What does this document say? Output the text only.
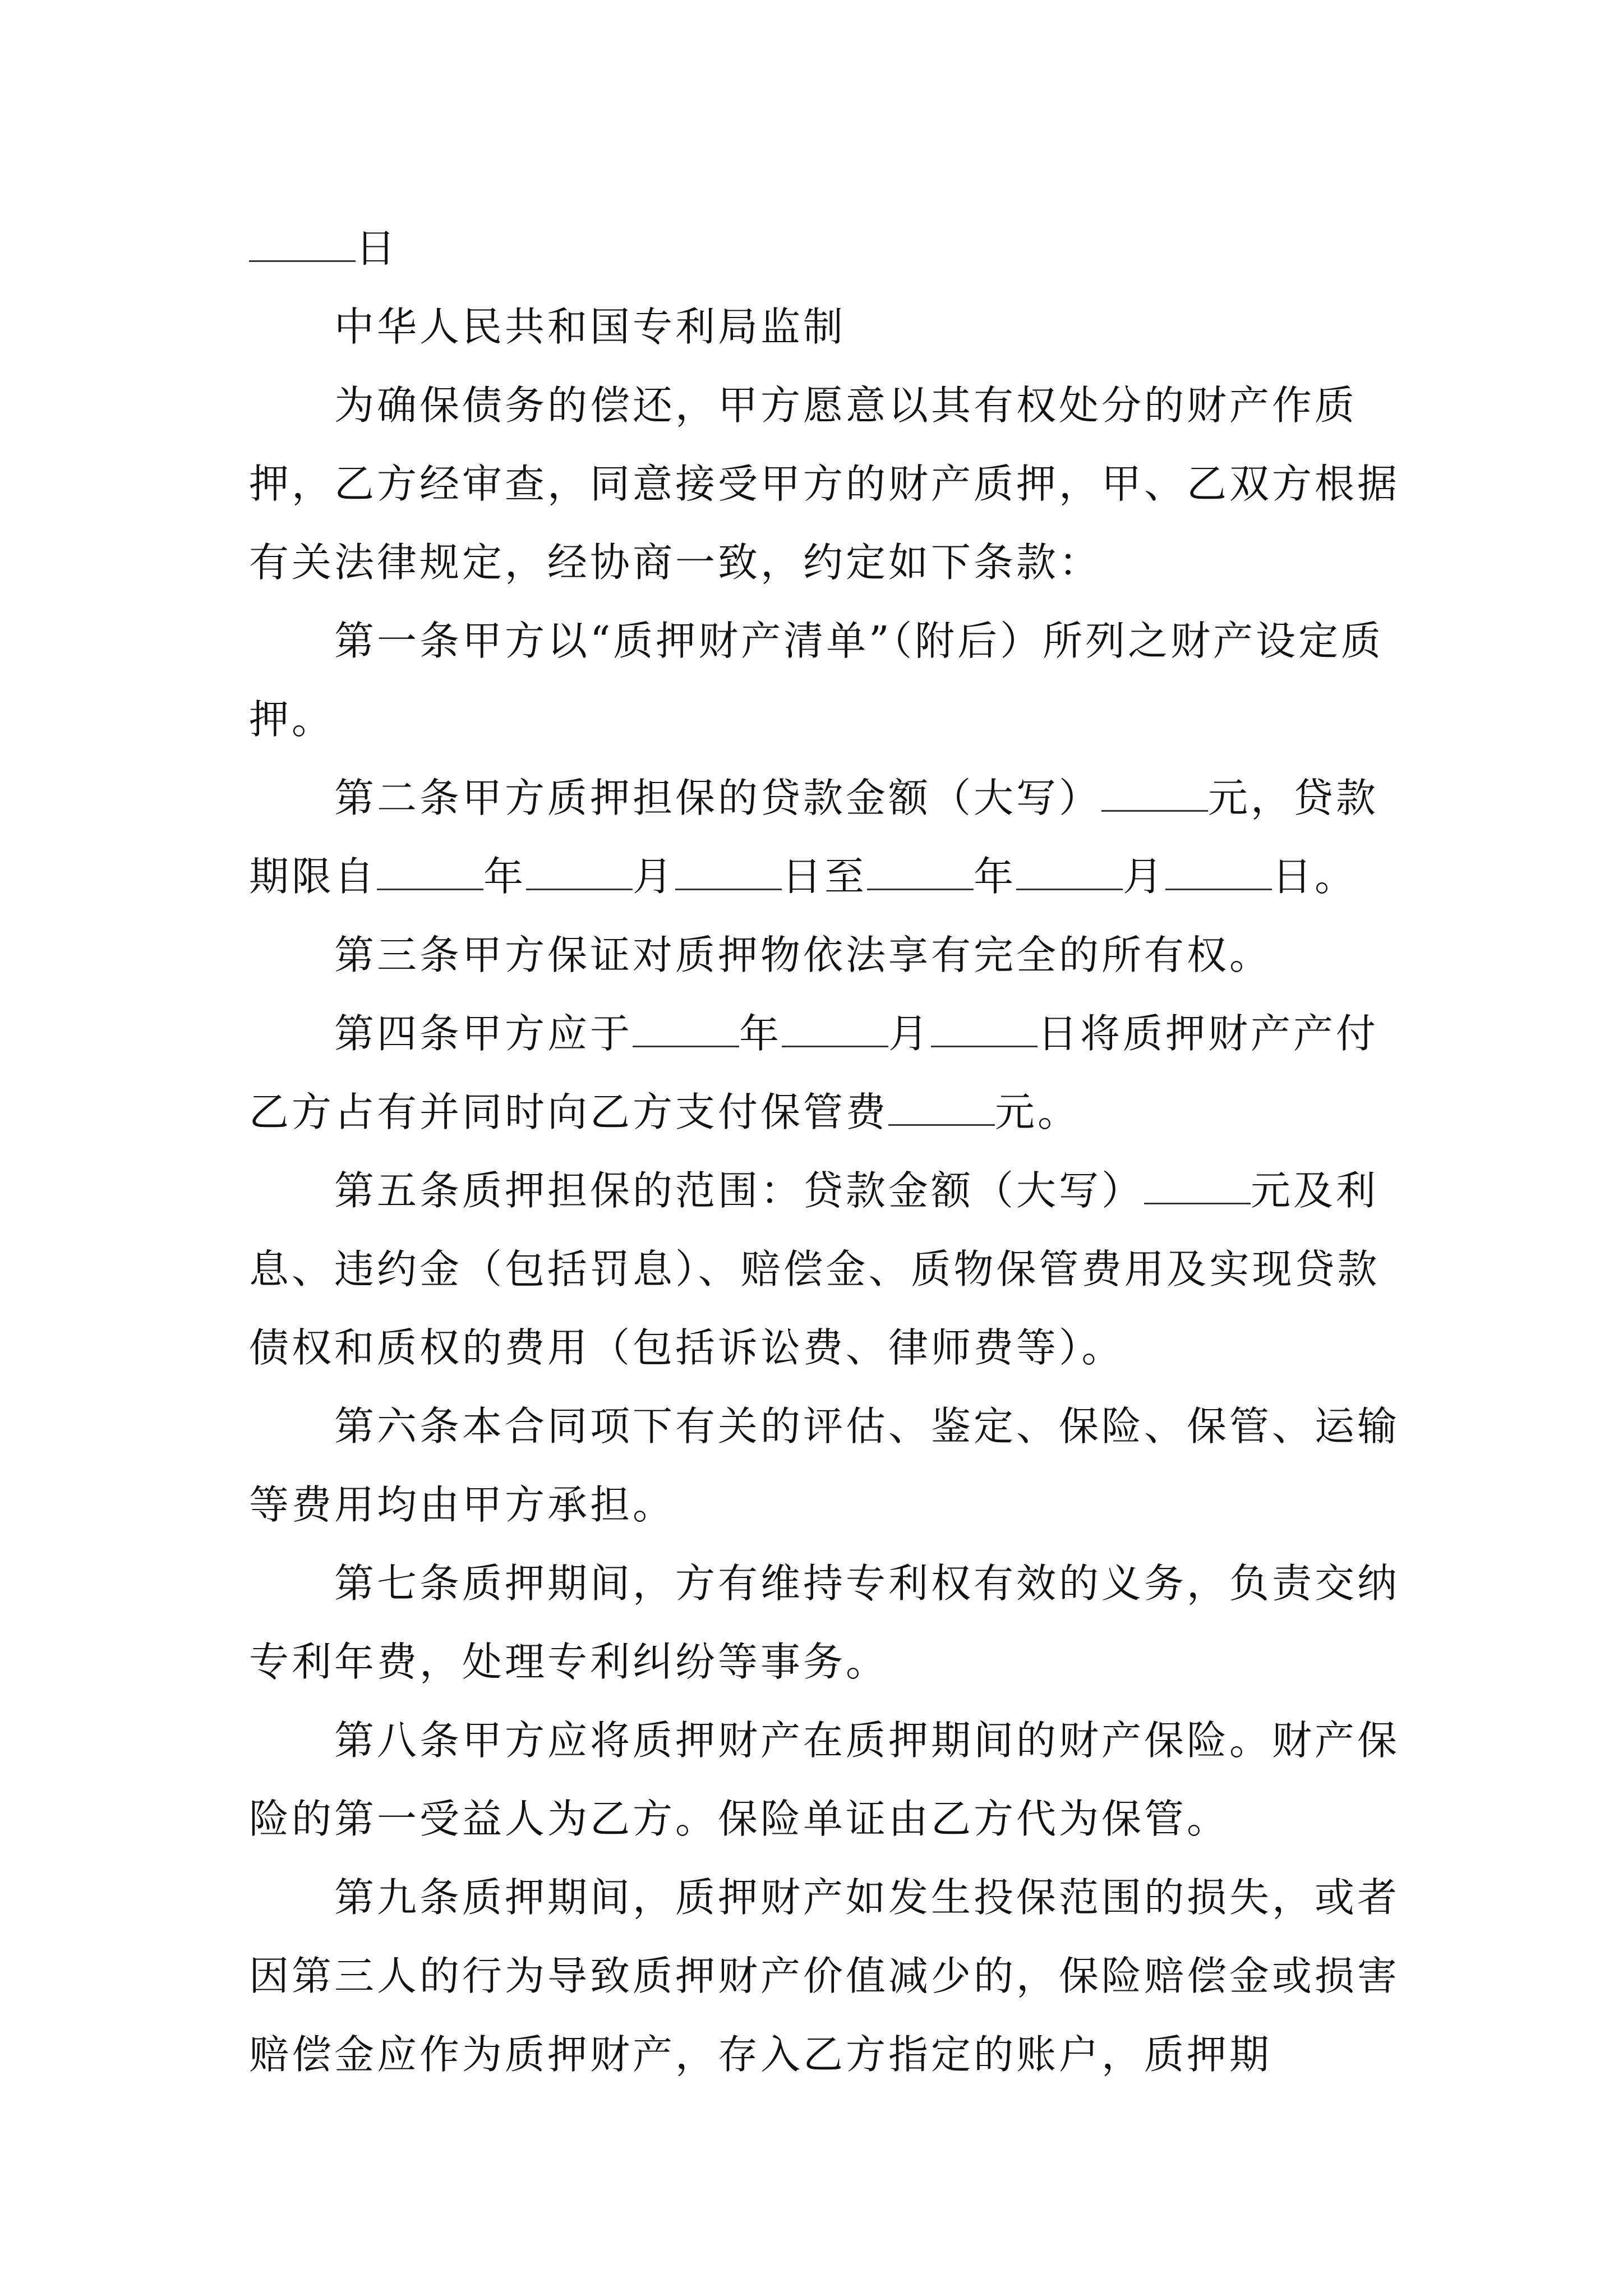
日

中华人民共和国专利局监制

为确保债务的偿还，甲方愿意以其有权处分的财产作质押，乙方经审查，同意接受甲方的财产质押，甲、乙双方根据有关法律规定，经协商一致，约定如下条款：

第一条甲方以“质押财产清单”（附后）所列之财产设定质押。

第二条甲方质押担保的贷款金额（大写）	元，贷款期限自	年	月	日至	年	月	日。

第三条甲方保证对质押物依法享有完全的所有权。

第四条甲方应于	年	月	日将质押财产产付乙方占有并同时向乙方支付保管费	元。

第五条质押担保的范围：贷款金额（大写）	元及利息、违约金（包括罚息）、赔偿金、质物保管费用及实现贷款债权和质权的费用（包括诉讼费、律师费等）。

第六条本合同项下有关的评估、鉴定、保险、保管、运输等费用均由甲方承担。

第七条质押期间，方有维持专利权有效的义务，负责交纳专利年费，处理专利纠纷等事务。

第八条甲方应将质押财产在质押期间的财产保险。财产保险的第一受益人为乙方。保险单证由乙方代为保管。

第九条质押期间，质押财产如发生投保范围的损失，或者因第三人的行为导致质押财产价值减少的，保险赔偿金或损害赔偿金应作为质押财产，存入乙方指定的账户，质押期
